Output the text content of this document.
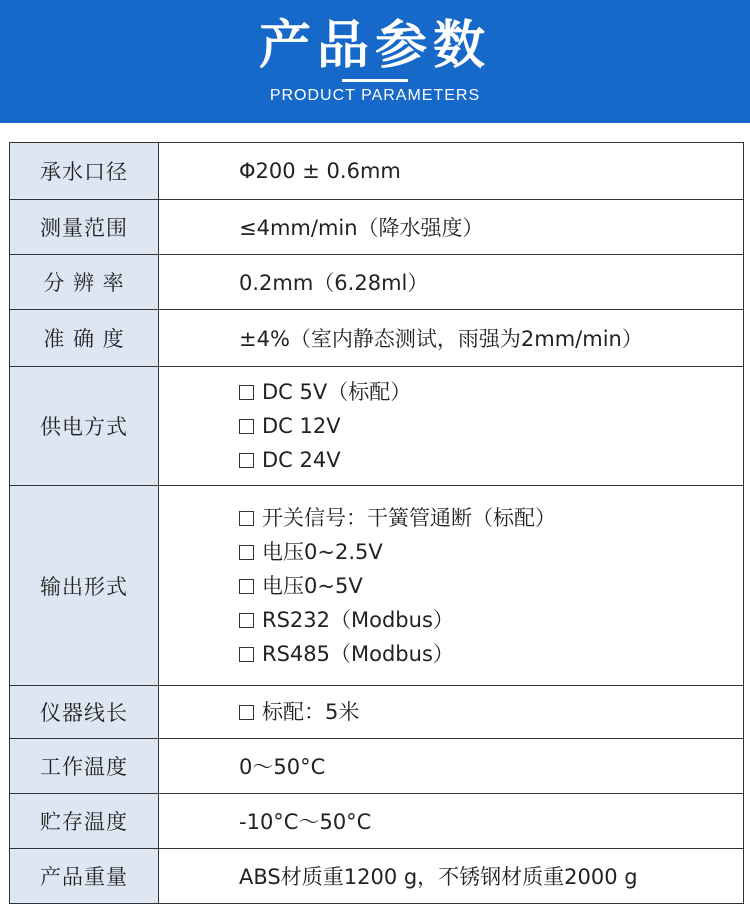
产品参数
PRODUCT PARAMETERS
承水口径	Φ200 ± 0.6mm
测量范围	≤4mm/min（降水强度）
分 辨 率	0.2mm（6.28ml）
准 确 度	±4%（室内静态测试，雨强为2mm/min）
供电方式	DC 5V（标配）
DC 12V
DC 24V

输出形式	开关信号：干簧管通断（标配）
电压0~2.5V
电压0~5V
RS232（Modbus）
RS485（Modbus）

仪器线长	标配：5米

工作温度	0～50°C
贮存温度	-10°C～50°C
产品重量	ABS材质重1200 g，不锈钢材质重2000 g
